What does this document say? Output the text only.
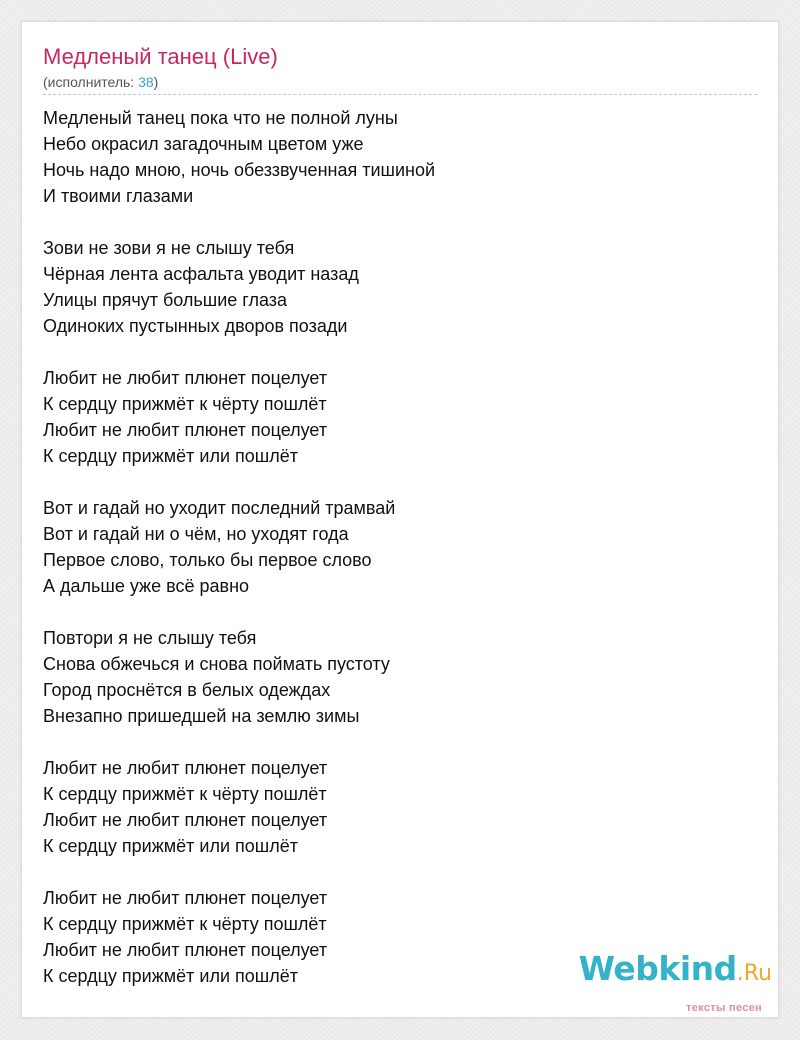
Медленый танец (Live)
(исполнитель: 38)
Медленый танец пока что не полной луны
Небо окрасил загадочным цветом уже
Ночь надо мною, ночь обеззвученная тишиной
И твоими глазами
Зови не зови я не слышу тебя
Чёрная лента асфальта уводит назад
Улицы прячут большие глаза
Одиноких пустынных дворов позади
Любит не любит плюнет поцелует
К сердцу прижмёт к чёрту пошлёт
Любит не любит плюнет поцелует
К сердцу прижмёт или пошлёт
Вот и гадай но уходит последний трамвай
Вот и гадай ни о чём, но уходят года
Первое слово, только бы первое слово
А дальше уже всё равно
Повтори я не слышу тебя
Снова обжечься и снова поймать пустоту
Город проснётся в белых одеждах
Внезапно пришедшей на землю зимы
Любит не любит плюнет поцелует
К сердцу прижмёт к чёрту пошлёт
Любит не любит плюнет поцелует
К сердцу прижмёт или пошлёт
Любит не любит плюнет поцелует
К сердцу прижмёт к чёрту пошлёт
Любит не любит плюнет поцелует
К сердцу прижмёт или пошлёт	Webkind.Ru
тексты песен
